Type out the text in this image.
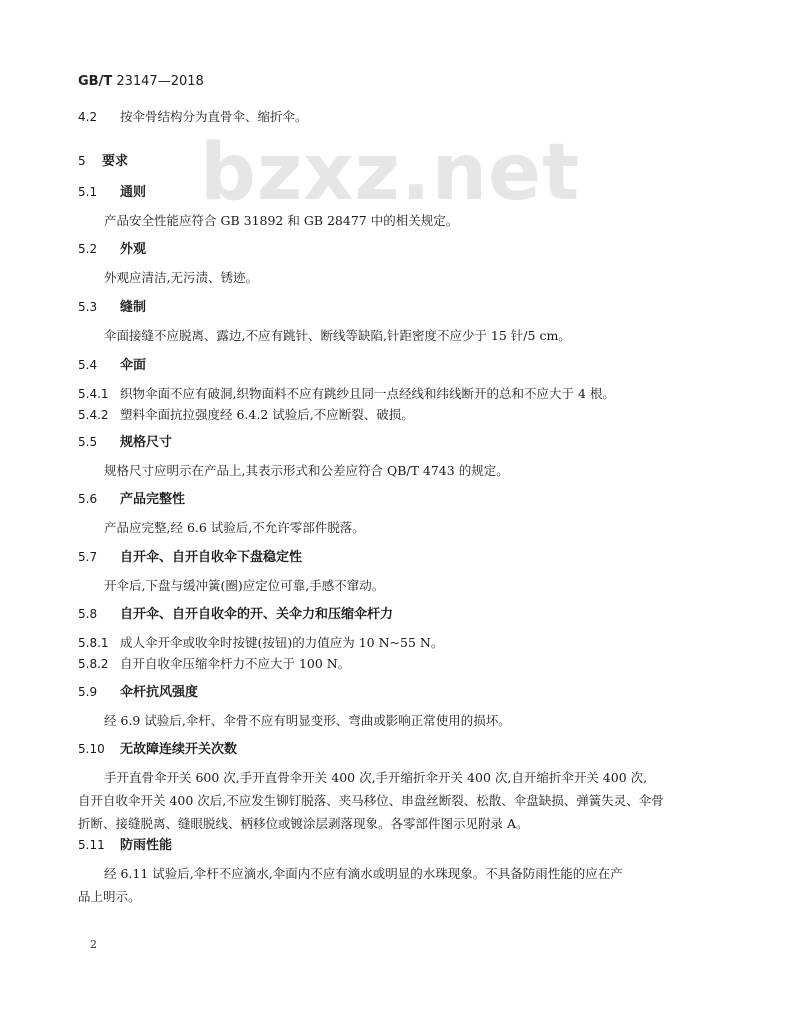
bzxz.net
GB/T 23147—2018
4.2 按伞骨结构分为直骨伞、缩折伞。
5 要求
5.1 通则
产品安全性能应符合 GB 31892 和 GB 28477 中的相关规定。
5.2 外观
外观应清洁,无污渍、锈迹。
5.3 缝制
伞面接缝不应脱离、露边,不应有跳针、断线等缺陷,针距密度不应少于 15 针/5 cm。
5.4 伞面
5.4.1 织物伞面不应有破洞,织物面料不应有跳纱且同一点经线和纬线断开的总和不应大于 4 根。
5.4.2 塑料伞面抗拉强度经 6.4.2 试验后,不应断裂、破损。
5.5 规格尺寸
规格尺寸应明示在产品上,其表示形式和公差应符合 QB/T 4743 的规定。
5.6 产品完整性
产品应完整,经 6.6 试验后,不允许零部件脱落。
5.7 自开伞、自开自收伞下盘稳定性
开伞后,下盘与缓冲簧(圈)应定位可靠,手感不窜动。
5.8 自开伞、自开自收伞的开、关伞力和压缩伞杆力
5.8.1 成人伞开伞或收伞时按键(按钮)的力值应为 10 N~55 N。
5.8.2 自开自收伞压缩伞杆力不应大于 100 N。
5.9 伞杆抗风强度
经 6.9 试验后,伞杆、伞骨不应有明显变形、弯曲或影响正常使用的损坏。
5.10 无故障连续开关次数
手开直骨伞开关 600 次,手开直骨伞开关 400 次,手开缩折伞开关 400 次,自开缩折伞开关 400 次,
自开自收伞开关 400 次后,不应发生铆钉脱落、夹马移位、串盘丝断裂、松散、伞盘缺损、弹簧失灵、伞骨
折断、接缝脱离、缝眼脱线、柄移位或镀涂层剥落现象。各零部件图示见附录 A。
5.11 防雨性能
经 6.11 试验后,伞杆不应滴水,伞面内不应有滴水或明显的水珠现象。不具备防雨性能的应在产
品上明示。
2
